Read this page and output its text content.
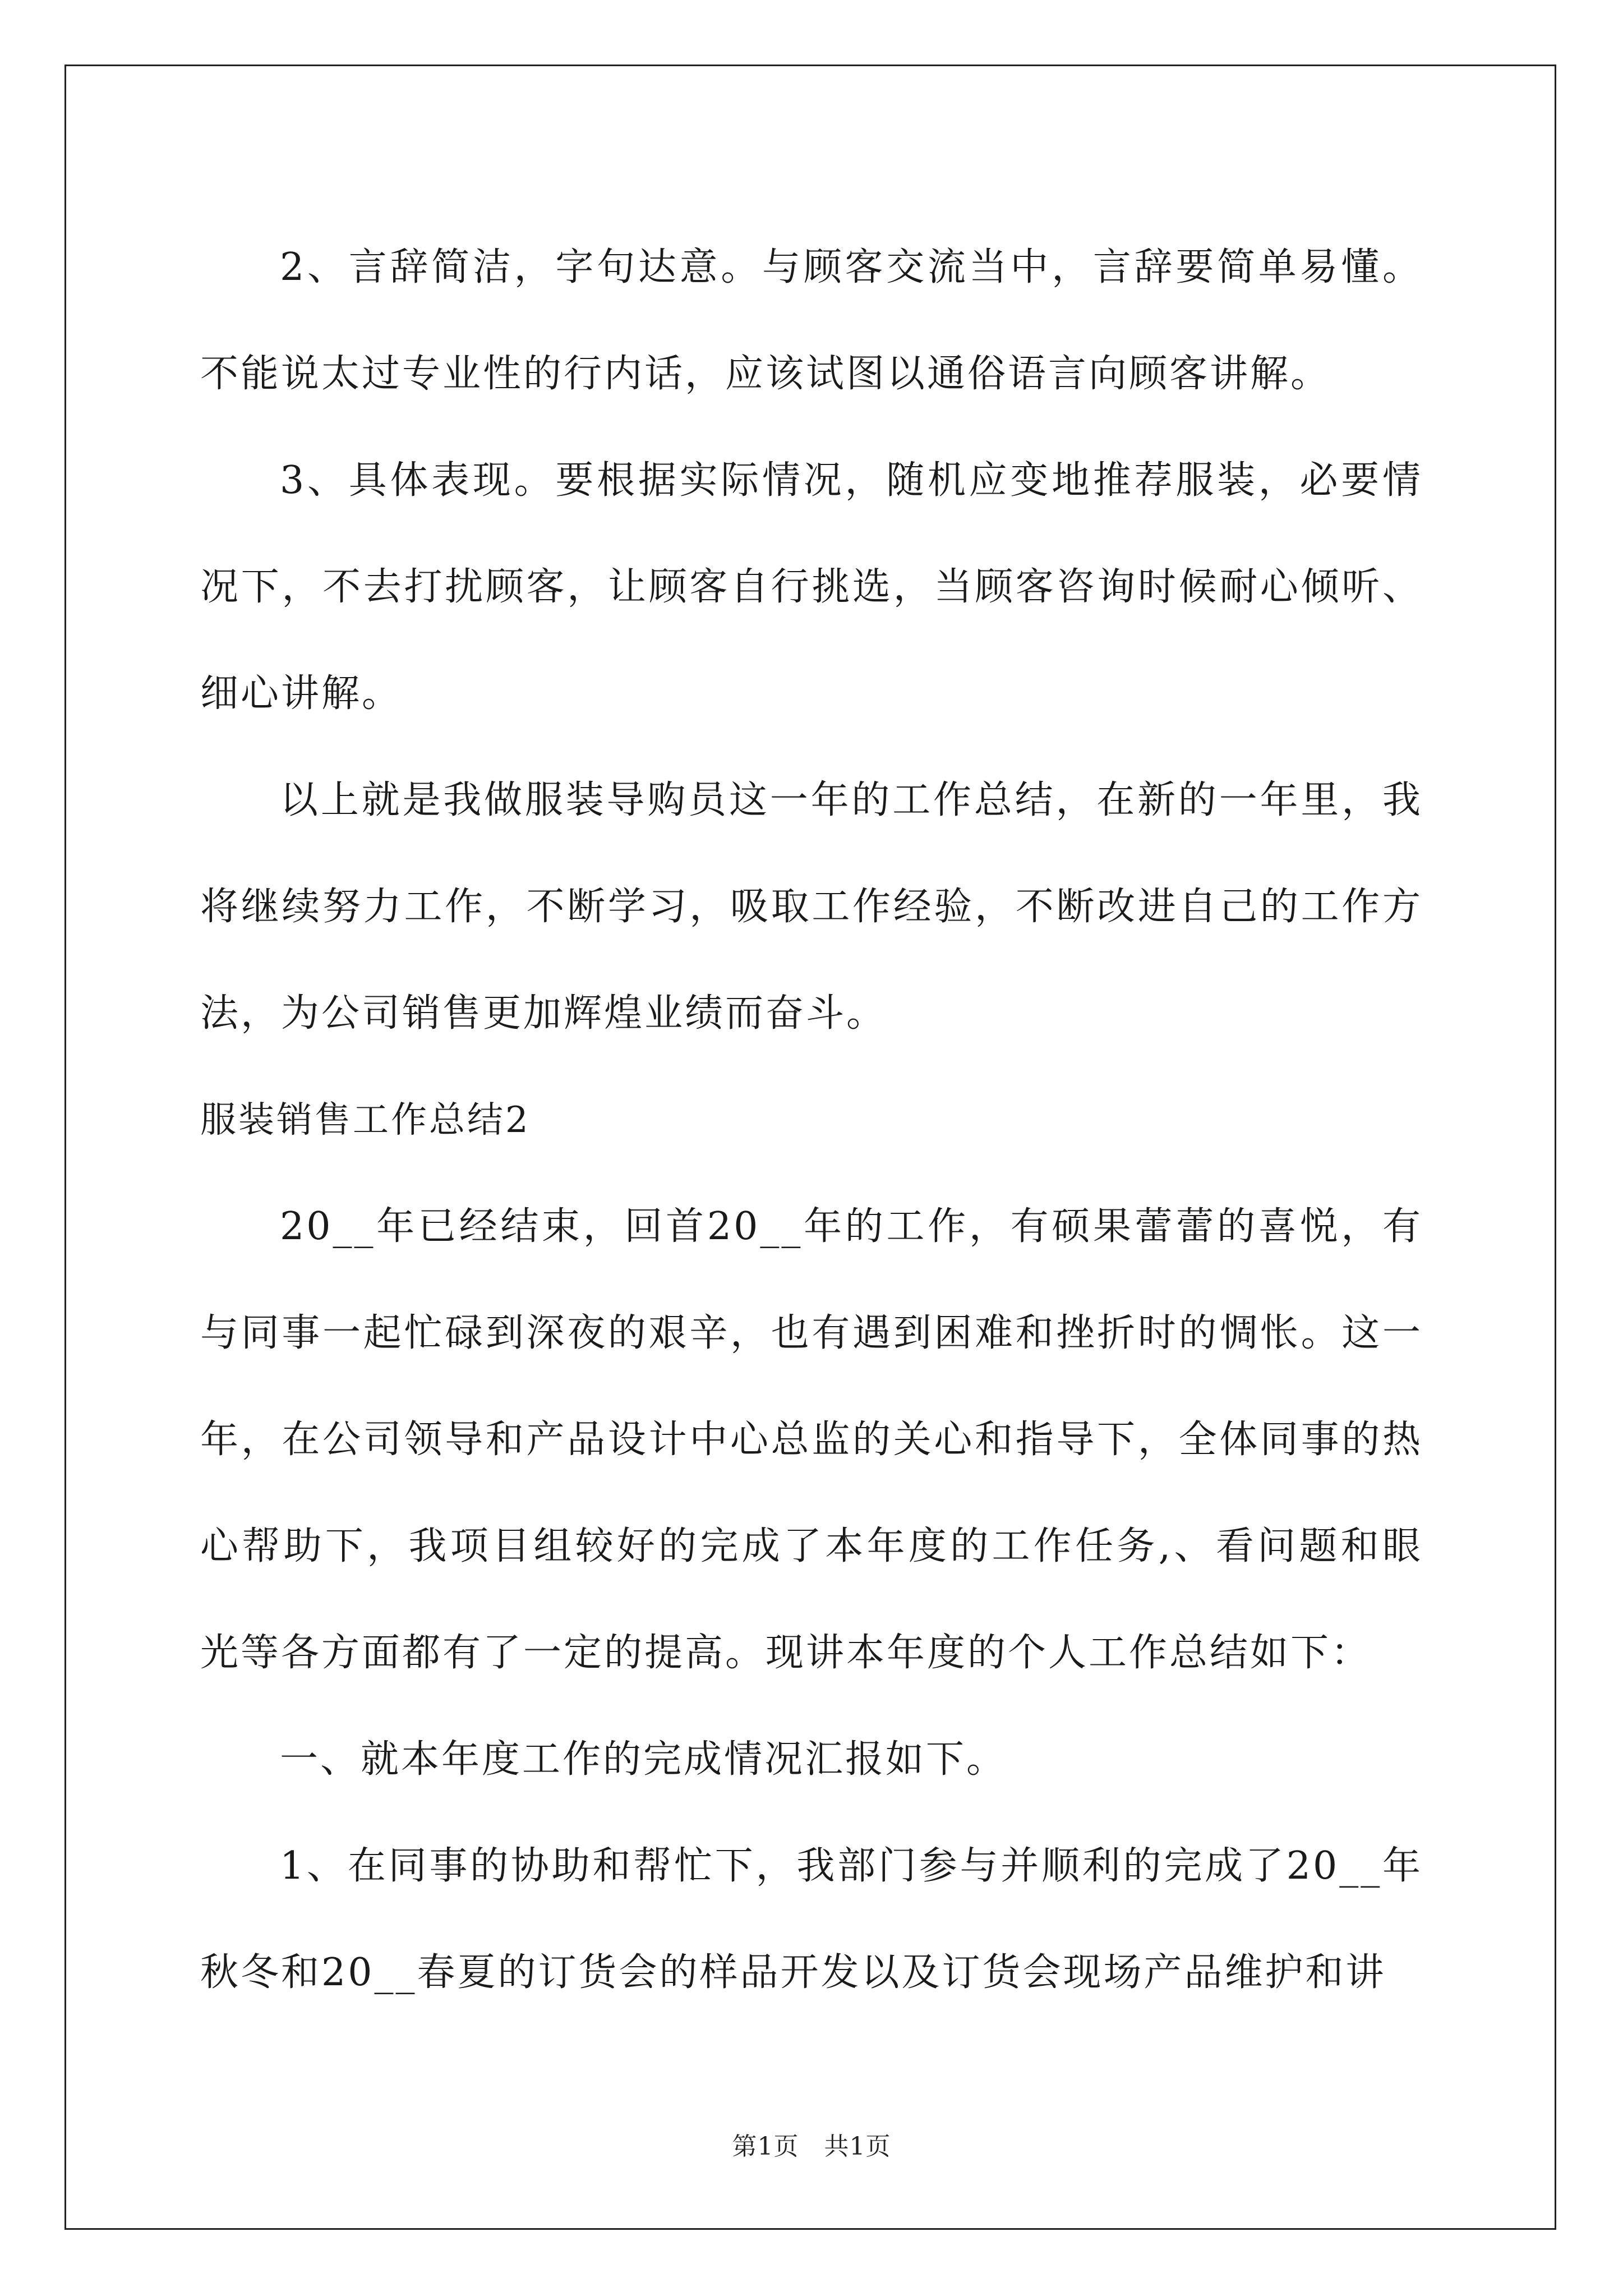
2、言辞简洁，字句达意。与顾客交流当中，言辞要简单易懂。不能说太过专业性的行内话，应该试图以通俗语言向顾客讲解。

3、具体表现。要根据实际情况，随机应变地推荐服装，必要情况下，不去打扰顾客，让顾客自行挑选，当顾客咨询时候耐心倾听、细心讲解。

以上就是我做服装导购员这一年的工作总结，在新的一年里，我将继续努力工作，不断学习，吸取工作经验，不断改进自己的工作方法，为公司销售更加辉煌业绩而奋斗。

服装销售工作总结2

20__年已经结束，回首20__年的工作，有硕果蕾蕾的喜悦，有与同事一起忙碌到深夜的艰辛，也有遇到困难和挫折时的惆怅。这一年，在公司领导和产品设计中心总监的关心和指导下，全体同事的热心帮助下，我项目组较好的完成了本年度的工作任务,、看问题和眼光等各方面都有了一定的提高。现讲本年度的个人工作总结如下：

一、就本年度工作的完成情况汇报如下。

1、在同事的协助和帮忙下，我部门参与并顺利的完成了20__年秋冬和20__春夏的订货会的样品开发以及订货会现场产品维护和讲

第1页　共1页
